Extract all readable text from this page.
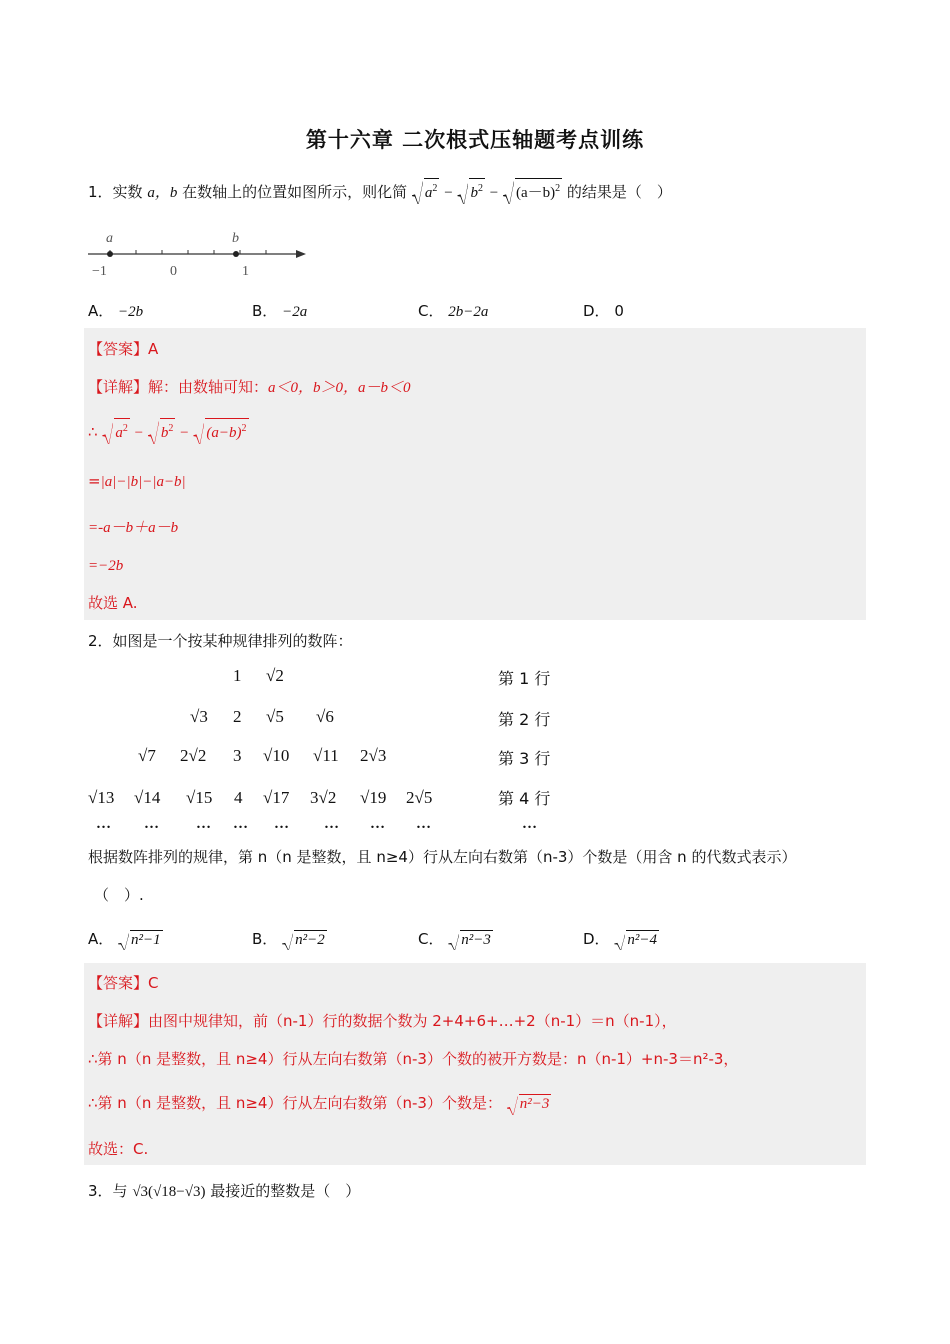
第十六章 二次根式压轴题考点训练
1．实数 a，b 在数轴上的位置如图所示，则化简 $a^2 - b^2 - (a-b)^2$ 的结果是（　）
a	b
−1	0	1
A． −2b	B． −2a	C． 2b−2a	D． 0
【答案】A
【详解】解：由数轴可知：a＜0，b＞0，a－b＜0
∴ $a^2 - b^2 - (a-b)^2$
=|a|−|b|−|a−b|
=-a－b＋a－b
=−2b
故选 A.
2．如图是一个按某种规律排列的数阵：
1 √2	第 1 行
√3 2 √5 √6	第 2 行
√7 2√2 3 √10 √11 2√3	第 3 行
√13 √14 √15 4 √17 3√2 √19 2√5	第 4 行
… … … … … … … …	…
根据数阵排列的规律，第 n（n 是整数，且 n≥4）行从左向右数第（n-3）个数是（用含 n 的代数式表示）
（　）.
A． n²−1	B． n²−2	C． n²−3	D． n²−4
【答案】C
【详解】由图中规律知，前（n-1）行的数据个数为 2+4+6+…+2（n-1）＝n（n-1），
∴第 n（n 是整数，且 n≥4）行从左向右数第（n-3）个数的被开方数是：n（n-1）+n-3＝n²-3，
∴第 n（n 是整数，且 n≥4）行从左向右数第（n-3）个数是： n²−3
故选：C.
3．与 √3(√18−√3) 最接近的整数是（　）
